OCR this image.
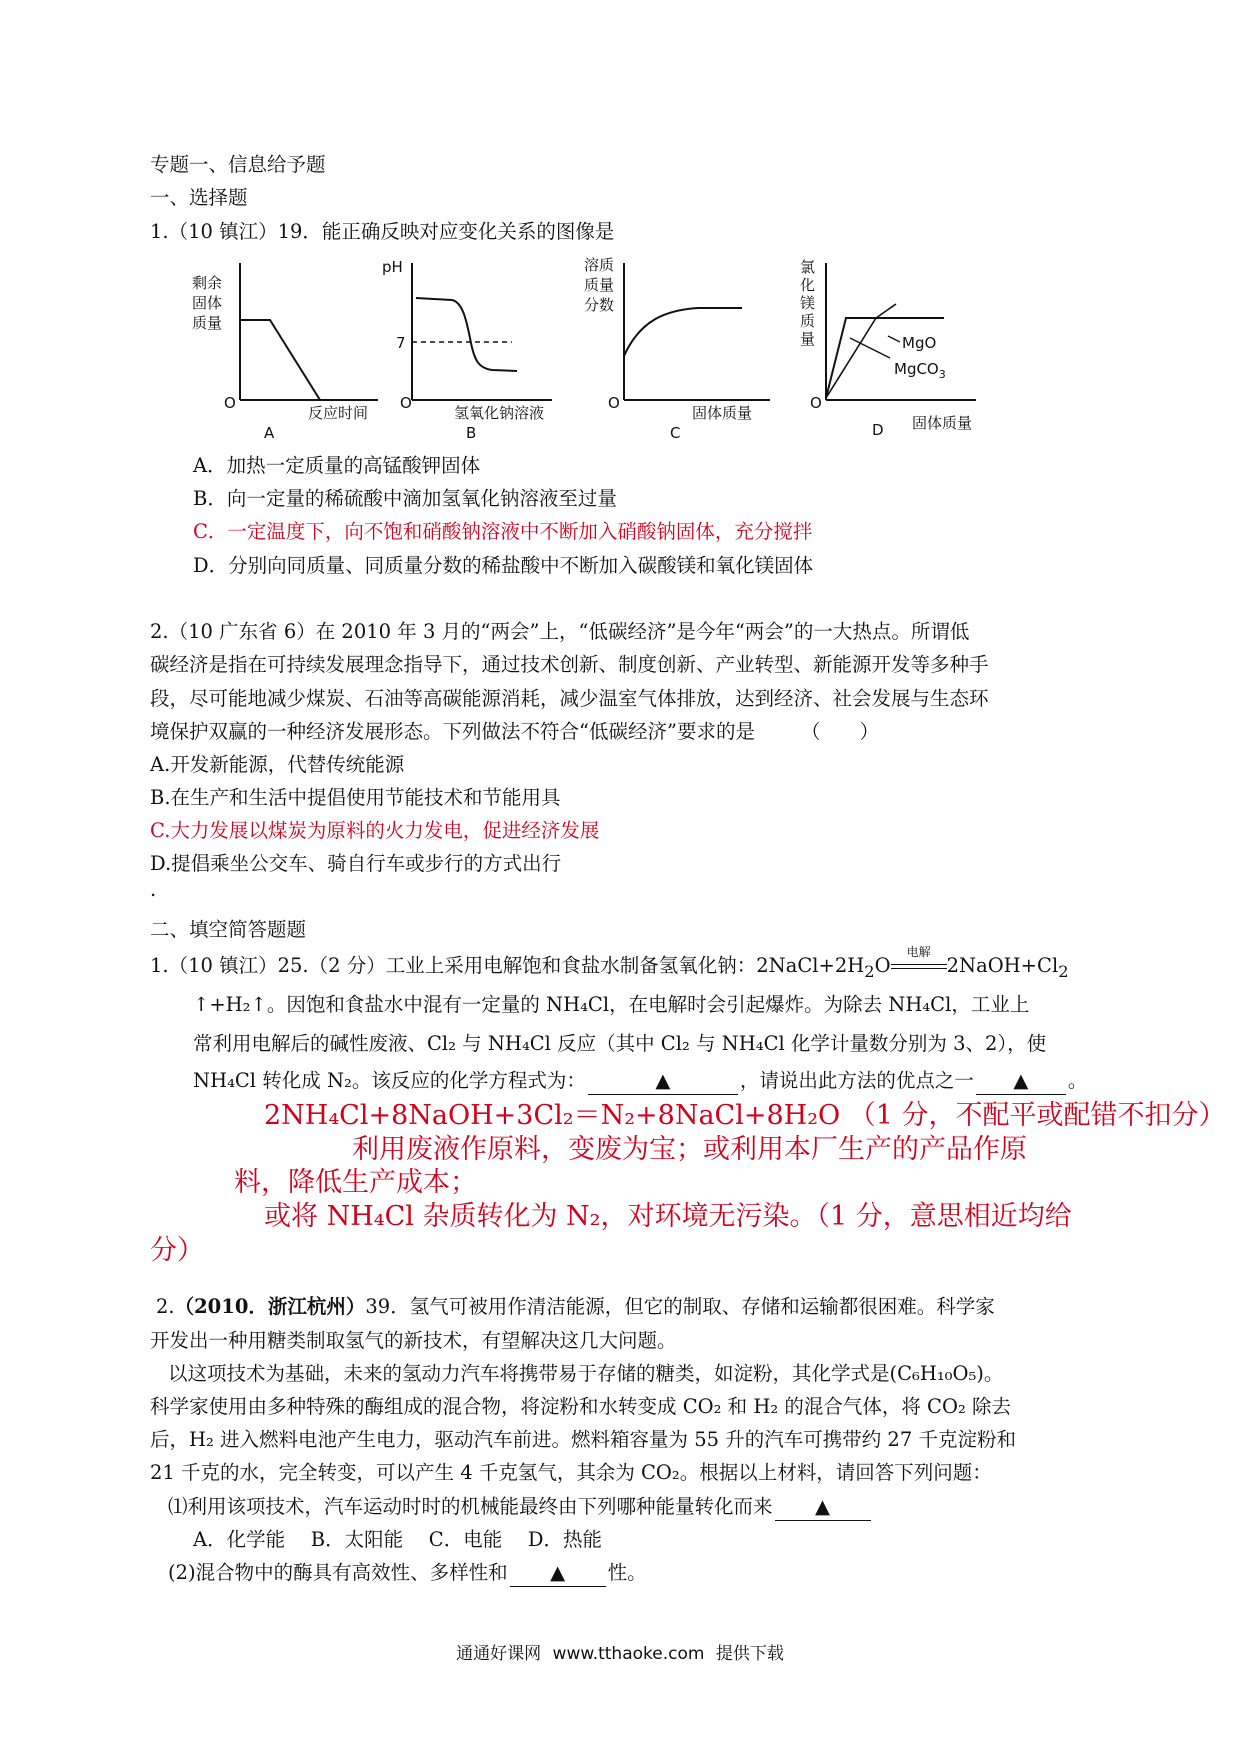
专题一、信息给予题
一、选择题
1.（10 镇江）19．能正确反映对应变化关系的图像是
剩余
固体
质量
O
反应时间
A
pH
7
O
氢氧化钠溶液
B
溶质
质量
分数
O
固体质量
C
氯
化
镁
质
量	MgO
MgCO$_3$
O
固体质量
D
A．加热一定质量的高锰酸钾固体
B．向一定量的稀硫酸中滴加氢氧化钠溶液至过量
C．一定温度下，向不饱和硝酸钠溶液中不断加入硝酸钠固体，充分搅拌
D．分别向同质量、同质量分数的稀盐酸中不断加入碳酸镁和氧化镁固体
2.（10 广东省 6）在 2010 年 3 月的“两会”上，“低碳经济”是今年“两会”的一大热点。所谓低
碳经济是指在可持续发展理念指导下，通过技术创新、制度创新、产业转型、新能源开发等多种手
段，尽可能地减少煤炭、石油等高碳能源消耗，减少温室气体排放，达到经济、社会发展与生态环
境保护双赢的一种经济发展形态。下列做法不符合“低碳经济”要求的是 （　　）
A.开发新能源，代替传统能源
B.在生产和生活中提倡使用节能技术和节能用具
C.大力发展以煤炭为原料的火力发电，促进经济发展
D.提倡乘坐公交车、骑自行车或步行的方式出行
.
二、填空简答题题
1.（10 镇江）25.（2 分）工业上采用电解饱和食盐水制备氢氧化钠：$2NaCl+2H_2O$
电解
$2NaOH+Cl_2$
↑+H₂↑。因饱和食盐水中混有一定量的 NH₄Cl，在电解时会引起爆炸。为除去 NH₄Cl，工业上
常利用电解后的碱性废液、Cl₂ 与 NH₄Cl 反应（其中 Cl₂ 与 NH₄Cl 化学计量数分别为 3、2），使
NH₄Cl 转化成 N₂。该反应的化学方程式为：	▲	，请说出此方法的优点之一 ▲ 。
2NH₄Cl+8NaOH+3Cl₂＝N₂+8NaCl+8H₂O （1 分，不配平或配错不扣分）
利用废液作原料，变废为宝；或利用本厂生产的产品作原
料，降低生产成本；
或将 NH₄Cl 杂质转化为 N₂，对环境无污染。（1 分，意思相近均给
分）
2.（2010．浙江杭州）39．氢气可被用作清洁能源，但它的制取、存储和运输都很困难。科学家
开发出一种用糖类制取氢气的新技术，有望解决这几大问题。
以这项技术为基础，未来的氢动力汽车将携带易于存储的糖类，如淀粉，其化学式是(C₆H₁₀O₅)。
科学家使用由多种特殊的酶组成的混合物，将淀粉和水转变成 CO₂ 和 H₂ 的混合气体，将 CO₂ 除去
后，H₂ 进入燃料电池产生电力，驱动汽车前进。燃料箱容量为 55 升的汽车可携带约 27 千克淀粉和
21 千克的水，完全转变，可以产生 4 千克氢气，其余为 CO₂。根据以上材料，请回答下列问题：
⑴利用该项技术，汽车运动时时的机械能最终由下列哪种能量转化而来 ▲
A．化学能　 B．太阳能　 C．电能　 D．热能
(2)混合物中的酶具有高效性、多样性和 ▲ 性。
通通好课网 www.tthaoke.com 提供下载
